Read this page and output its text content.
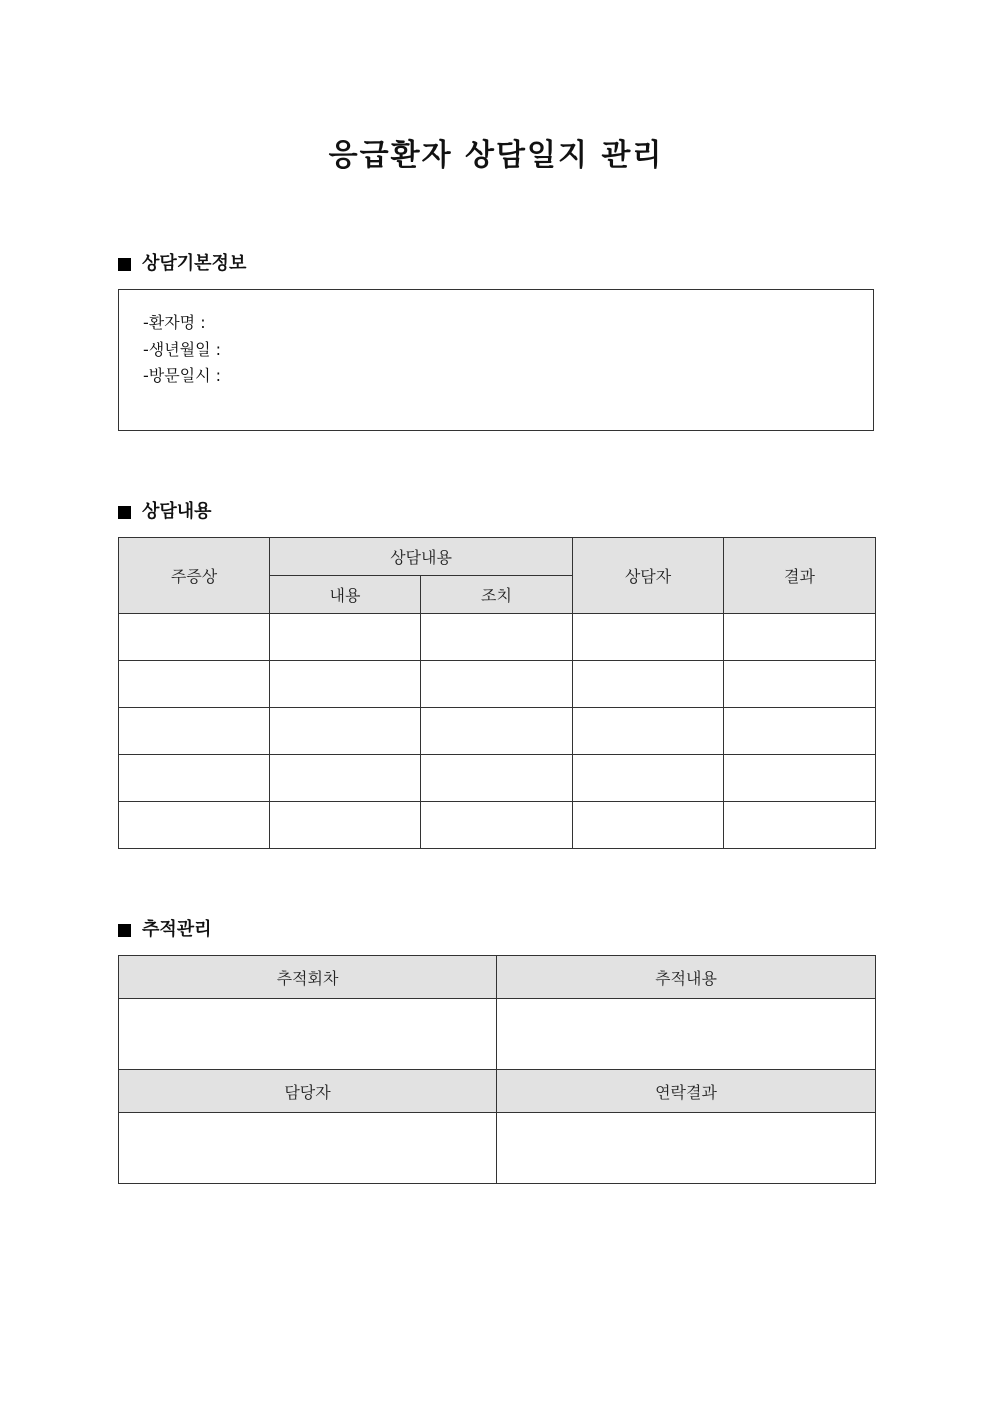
응급환자 상담일지 관리
상담기본정보
-환자명 :
-생년월일 :
-방문일시 :
상담내용
주증상	상담내용		상담자	결과
	내용	조치		

추적관리
추적회차	추적내용

담당자	연락결과
